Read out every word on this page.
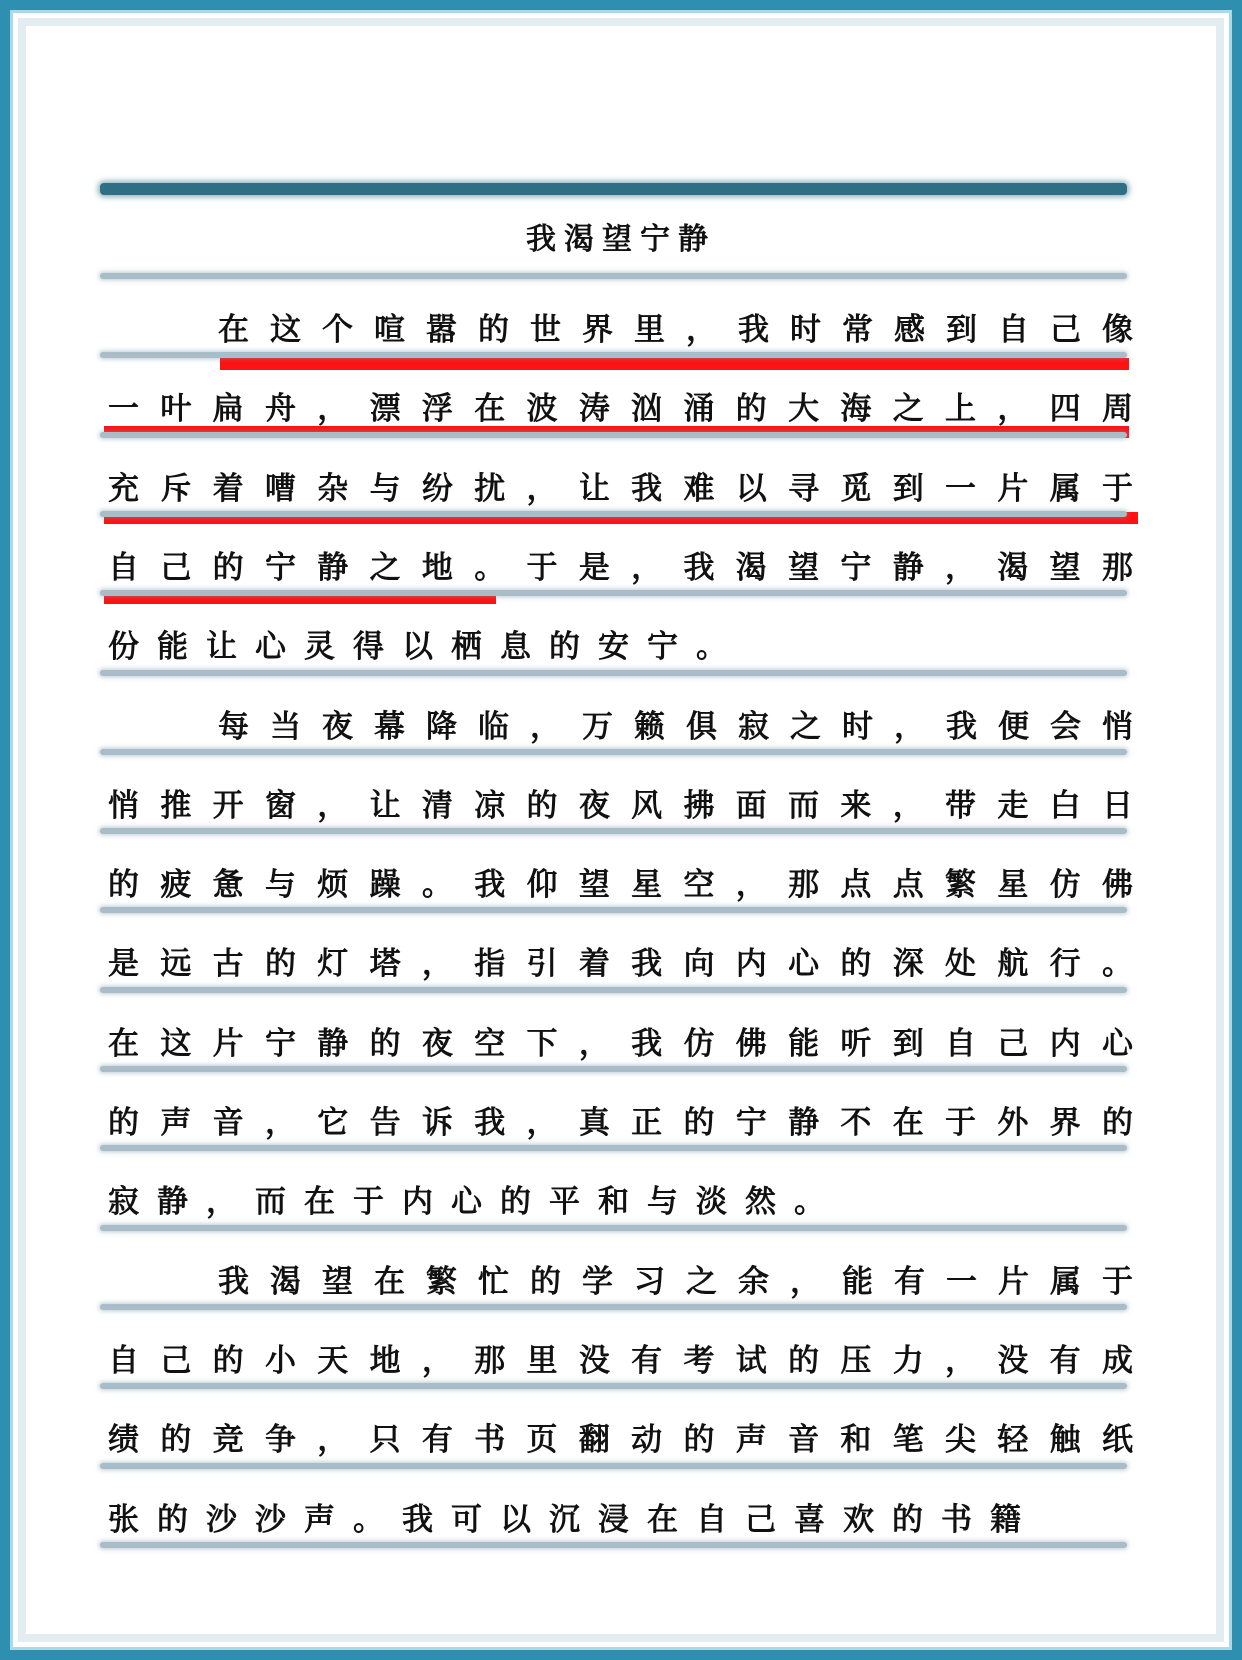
我渴望宁静
在 这 个 喧 嚣 的 世 界 里 ， 我 时 常 感 到 自 己 像
一 叶 扁 舟 ， 漂 浮 在 波 涛 汹 涌 的 大 海 之 上 ， 四 周
充 斥 着 嘈 杂 与 纷 扰 ， 让 我 难 以 寻 觅 到 一 片 属 于
自 己 的 宁 静 之 地 。 于 是 ， 我 渴 望 宁 静 ， 渴 望 那
份 能 让 心 灵 得 以 栖 息 的 安 宁 。
每 当 夜 幕 降 临 ， 万 籁 俱 寂 之 时 ， 我 便 会 悄
悄 推 开 窗 ， 让 清 凉 的 夜 风 拂 面 而 来 ， 带 走 白 日
的 疲 惫 与 烦 躁 。 我 仰 望 星 空 ， 那 点 点 繁 星 仿 佛
是 远 古 的 灯 塔 ， 指 引 着 我 向 内 心 的 深 处 航 行 。
在 这 片 宁 静 的 夜 空 下 ， 我 仿 佛 能 听 到 自 己 内 心
的 声 音 ， 它 告 诉 我 ， 真 正 的 宁 静 不 在 于 外 界 的
寂 静 ， 而 在 于 内 心 的 平 和 与 淡 然 。
我 渴 望 在 繁 忙 的 学 习 之 余 ， 能 有 一 片 属 于
自 己 的 小 天 地 ， 那 里 没 有 考 试 的 压 力 ， 没 有 成
绩 的 竞 争 ， 只 有 书 页 翻 动 的 声 音 和 笔 尖 轻 触 纸
张 的 沙 沙 声 。 我 可 以 沉 浸 在 自 己 喜 欢 的 书 籍
